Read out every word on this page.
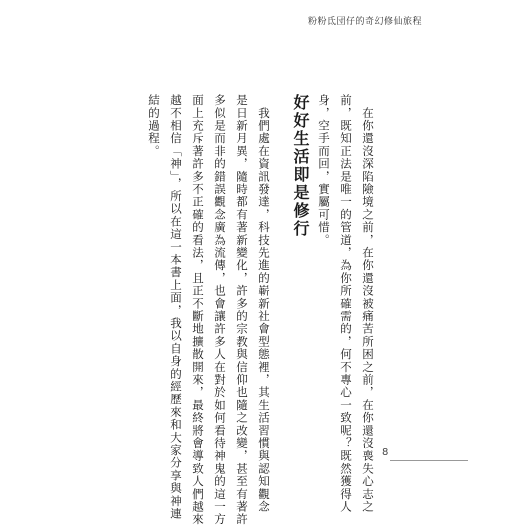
粉粉氐団仔的奇幻修仙旅程
　在你還沒深陷險境之前，在你還沒被痛苦所困之前，在你還沒喪失心志之
前，既知正法是唯一的管道，為你所確需的，何不專心一致呢？既然獲得人
身，空手而回，實屬可惜。
好好生活即是修行
　我們處在資訊發達，科技先進的嶄新社會型態裡，其生活習慣與認知觀念
是日新月異，隨時都有著新變化，許多的宗教與信仰也隨之改變，甚至有著許
多似是而非的錯誤觀念廣為流傳，也會讓許多人在對於如何看待神鬼的這一方
面上充斥著許多不正確的看法，且正不斷地擴散開來，最終將會導致人們越來
越不相信「神」，所以在這一本書上面，我以自身的經歷來和大家分享與神連
結的過程。
8
